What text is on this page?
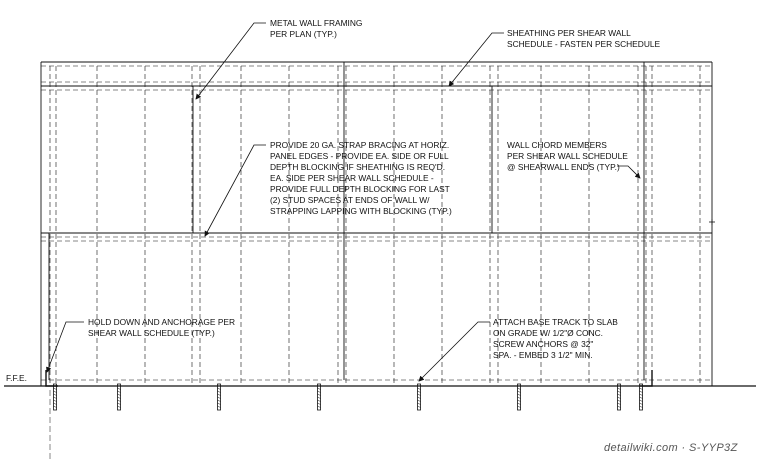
F.F.E.
METAL WALL FRAMING PER PLAN (TYP.)	SHEATHING PER SHEAR WALL SCHEDULE - FASTEN PER SCHEDULE
PROVIDE 20 GA. STRAP BRACING AT HORIZ. PANEL EDGES - PROVIDE EA. SIDE OR FULL DEPTH BLOCKING IF SHEATHING IS REQ'D. EA. SIDE PER SHEAR WALL SCHEDULE - PROVIDE FULL DEPTH BLOCKING FOR LAST (2) STUD SPACES AT ENDS OF WALL W/ STRAPPING LAPPING WITH BLOCKING (TYP.)
WALL CHORD MEMBERS PER SHEAR WALL SCHEDULE @ SHEARWALL ENDS (TYP.)
HOLD DOWN AND ANCHORAGE PER SHEAR WALL SCHEDULE (TYP.)
ATTACH BASE TRACK TO SLAB ON GRADE W/ 1/2"Ø CONC. SCREW ANCHORS @ 32" SPA. - EMBED 3 1/2" MIN.
detailwiki.com · S-YYP3Z
